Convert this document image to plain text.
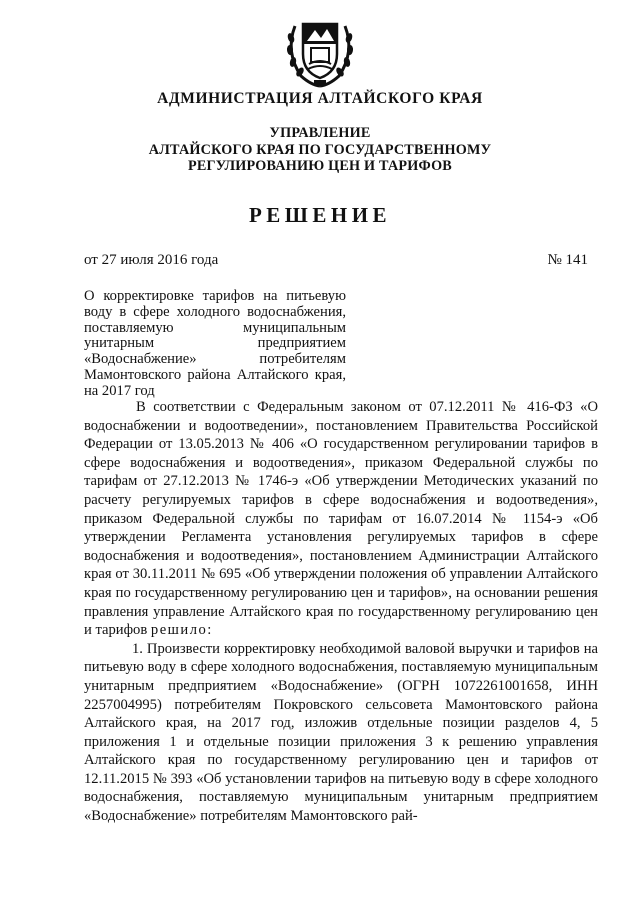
АДМИНИСТРАЦИЯ АЛТАЙСКОГО КРАЯ
УПРАВЛЕНИЕ
АЛТАЙСКОГО КРАЯ ПО ГОСУДАРСТВЕННОМУ
РЕГУЛИРОВАНИЮ ЦЕН И ТАРИФОВ
РЕШЕНИЕ
от 27 июля 2016 года	№ 141
О корректировке тарифов на питьевую воду в сфере холодного водоснабжения, поставляемую муниципальным унитарным предприятием «Водоснабжение» потребителям Мамонтовского района Алтайского края, на 2017 год

В соответствии с Федеральным законом от 07.12.2011 № 416-ФЗ «О водоснабжении и водоотведении», постановлением Правительства Российской Федерации от 13.05.2013 № 406 «О государственном регулировании тарифов в сфере водоснабжения и водоотведения», приказом Федеральной службы по тарифам от 27.12.2013 № 1746-э «Об утверждении Методических указаний по расчету регулируемых тарифов в сфере водоснабжения и водоотведения», приказом Федеральной службы по тарифам от 16.07.2014 № 1154-э «Об утверждении Регламента установления регулируемых тарифов в сфере водоснабжения и водоотведения», постановлением Администрации Алтайского края от 30.11.2011 № 695 «Об утверждении положения об управлении Алтайского края по государственному регулированию цен и тарифов», на основании решения правления управление Алтайского края по государственному регулированию цен и тарифов решило:

1. Произвести корректировку необходимой валовой выручки и тарифов на питьевую воду в сфере холодного водоснабжения, поставляемую муниципальным унитарным предприятием «Водоснабжение» (ОГРН 1072261001658, ИНН 2257004995) потребителям Покровского сельсовета Мамонтовского района Алтайского края, на 2017 год, изложив отдельные позиции разделов 4, 5 приложения 1 и отдельные позиции приложения 3 к решению управления Алтайского края по государственному регулированию цен и тарифов от 12.11.2015 № 393 «Об установлении тарифов на питьевую воду в сфере холодного водоснабжения, поставляемую муниципальным унитарным предприятием «Водоснабжение» потребителям Мамонтовского рай-
